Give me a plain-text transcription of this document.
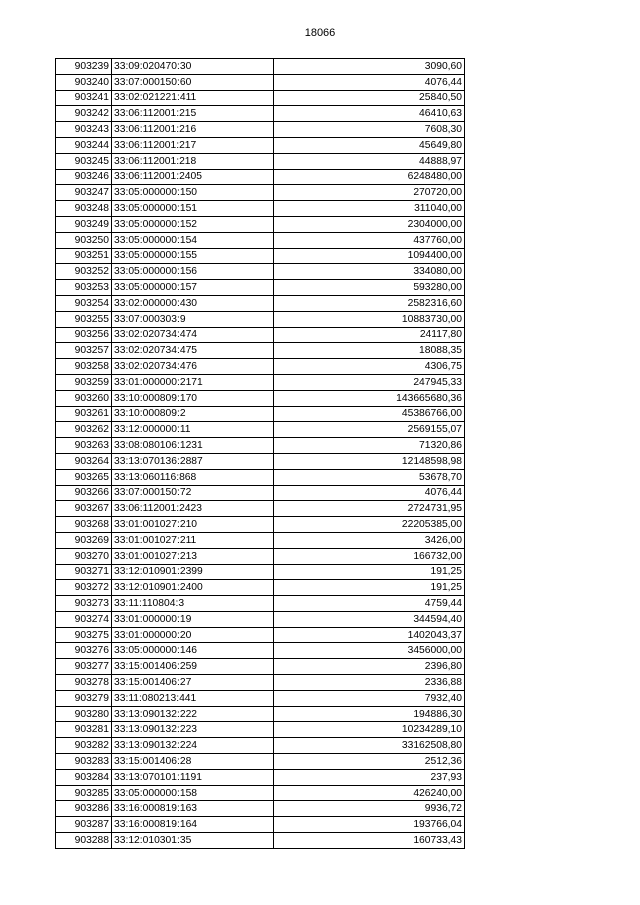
18066
903239	33:09:020470:30	3090,60
903240	33:07:000150:60	4076,44
903241	33:02:021221:411	25840,50
903242	33:06:112001:215	46410,63
903243	33:06:112001:216	7608,30
903244	33:06:112001:217	45649,80
903245	33:06:112001:218	44888,97
903246	33:06:112001:2405	6248480,00
903247	33:05:000000:150	270720,00
903248	33:05:000000:151	311040,00
903249	33:05:000000:152	2304000,00
903250	33:05:000000:154	437760,00
903251	33:05:000000:155	1094400,00
903252	33:05:000000:156	334080,00
903253	33:05:000000:157	593280,00
903254	33:02:000000:430	2582316,60
903255	33:07:000303:9	10883730,00
903256	33:02:020734:474	24117,80
903257	33:02:020734:475	18088,35
903258	33:02:020734:476	4306,75
903259	33:01:000000:2171	247945,33
903260	33:10:000809:170	143665680,36
903261	33:10:000809:2	45386766,00
903262	33:12:000000:11	2569155,07
903263	33:08:080106:1231	71320,86
903264	33:13:070136:2887	12148598,98
903265	33:13:060116:868	53678,70
903266	33:07:000150:72	4076,44
903267	33:06:112001:2423	2724731,95
903268	33:01:001027:210	22205385,00
903269	33:01:001027:211	3426,00
903270	33:01:001027:213	166732,00
903271	33:12:010901:2399	191,25
903272	33:12:010901:2400	191,25
903273	33:11:110804:3	4759,44
903274	33:01:000000:19	344594,40
903275	33:01:000000:20	1402043,37
903276	33:05:000000:146	3456000,00
903277	33:15:001406:259	2396,80
903278	33:15:001406:27	2336,88
903279	33:11:080213:441	7932,40
903280	33:13:090132:222	194886,30
903281	33:13:090132:223	10234289,10
903282	33:13:090132:224	33162508,80
903283	33:15:001406:28	2512,36
903284	33:13:070101:1191	237,93
903285	33:05:000000:158	426240,00
903286	33:16:000819:163	9936,72
903287	33:16:000819:164	193766,04
903288	33:12:010301:35	160733,43
